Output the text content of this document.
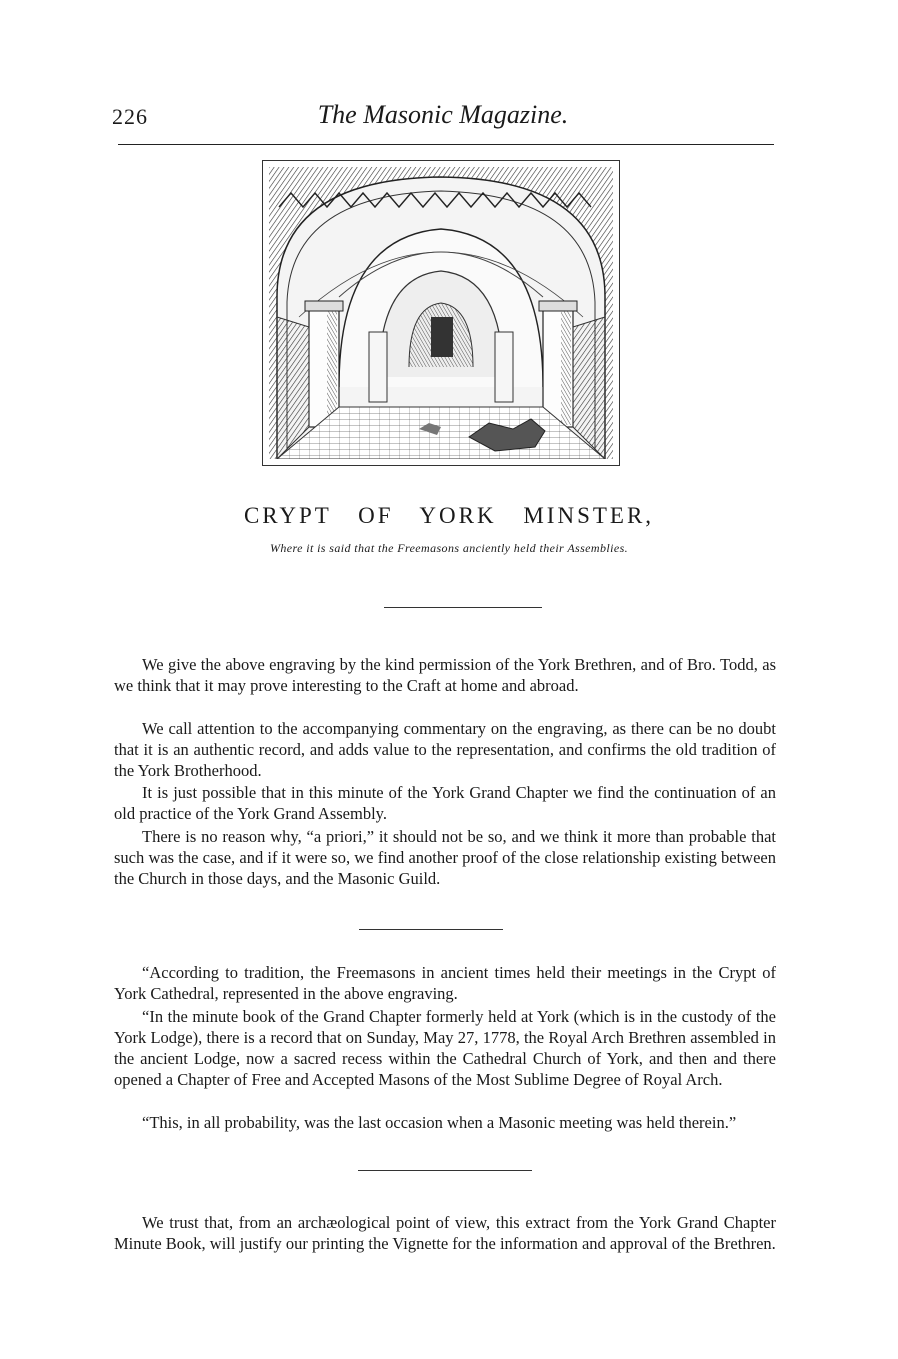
226	The Masonic Magazine.
CRYPT OF YORK MINSTER,
Where it is said that the Freemasons anciently held their Assemblies.

We give the above engraving by the kind permission of the York Brethren, and of Bro. Todd, as we think that it may prove interesting to the Craft at home and abroad.

We call attention to the accompanying commentary on the engraving, as there can be no doubt that it is an authentic record, and adds value to the representation, and confirms the old tradition of the York Brotherhood.

It is just possible that in this minute of the York Grand Chapter we find the continuation of an old practice of the York Grand Assembly.

There is no reason why, “a priori,” it should not be so, and we think it more than probable that such was the case, and if it were so, we find another proof of the close relationship existing between the Church in those days, and the Masonic Guild.

“According to tradition, the Freemasons in ancient times held their meetings in the Crypt of York Cathedral, represented in the above engraving.

“In the minute book of the Grand Chapter formerly held at York (which is in the custody of the York Lodge), there is a record that on Sunday, May 27, 1778, the Royal Arch Brethren assembled in the ancient Lodge, now a sacred recess within the Cathedral Church of York, and then and there opened a Chapter of Free and Accepted Masons of the Most Sublime Degree of Royal Arch.

“This, in all probability, was the last occasion when a Masonic meeting was held therein.”

We trust that, from an archæological point of view, this extract from the York Grand Chapter Minute Book, will justify our printing the Vignette for the information and approval of the Brethren.
